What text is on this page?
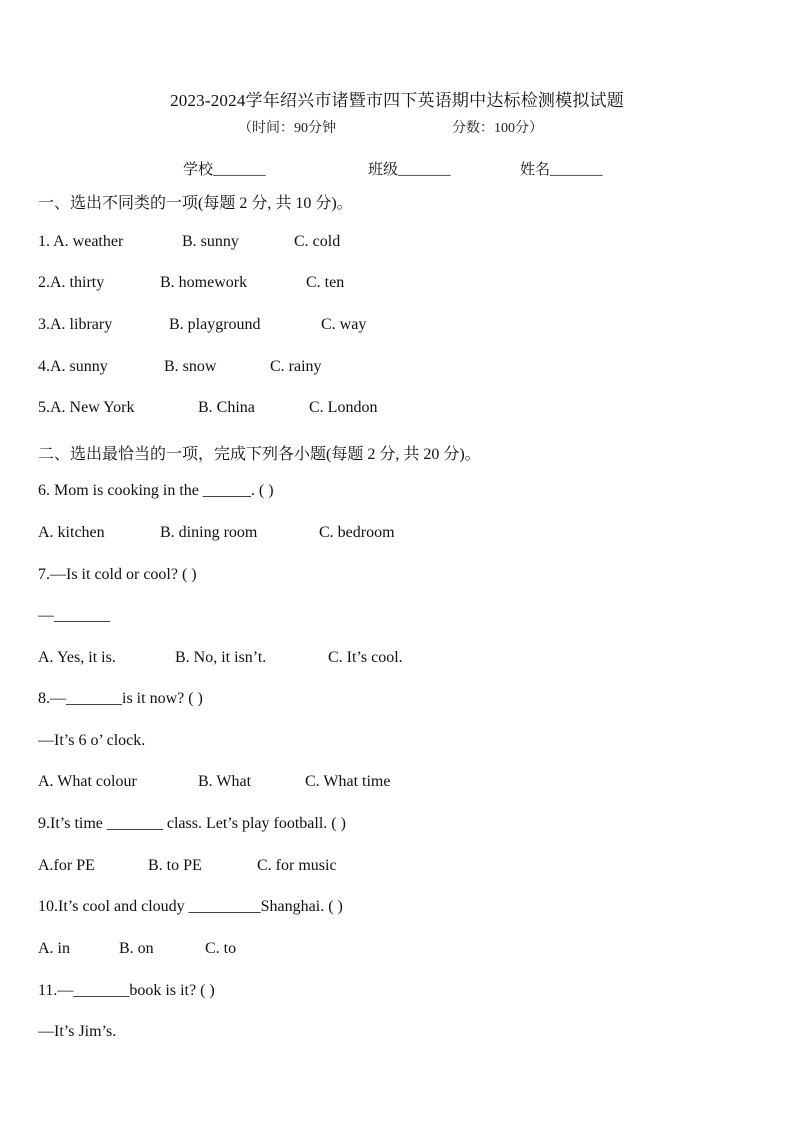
2023-2024学年绍兴市诸暨市四下英语期中达标检测模拟试题
（时间：90分钟	分数：100分）
学校_______	班级_______	姓名_______
一、选出不同类的一项(每题 2 分, 共 10 分)。
1. A. weather	B. sunny	C. cold
2.A. thirty	B. homework	C. ten
3.A. library	B. playground	C. way
4.A. sunny	B. snow	C. rainy
5.A. New York	B. China	C. London
二、选出最恰当的一项，完成下列各小题(每题 2 分, 共 20 分)。
6. Mom is cooking in the ______. ( )
A. kitchen	B. dining room	C. bedroom
7.—Is it cold or cool? ( )
—_______
A. Yes, it is.	B. No, it isn’t.	C. It’s cool.
8.—_______is it now? ( )
—It’s 6 o’ clock.
A. What colour	B. What	C. What time
9.It’s time _______ class. Let’s play football. ( )
A.for PE	B. to PE	C. for music
10.It’s cool and cloudy _________Shanghai. ( )
A. in	B. on	C. to
11.—_______book is it? ( )
—It’s Jim’s.
